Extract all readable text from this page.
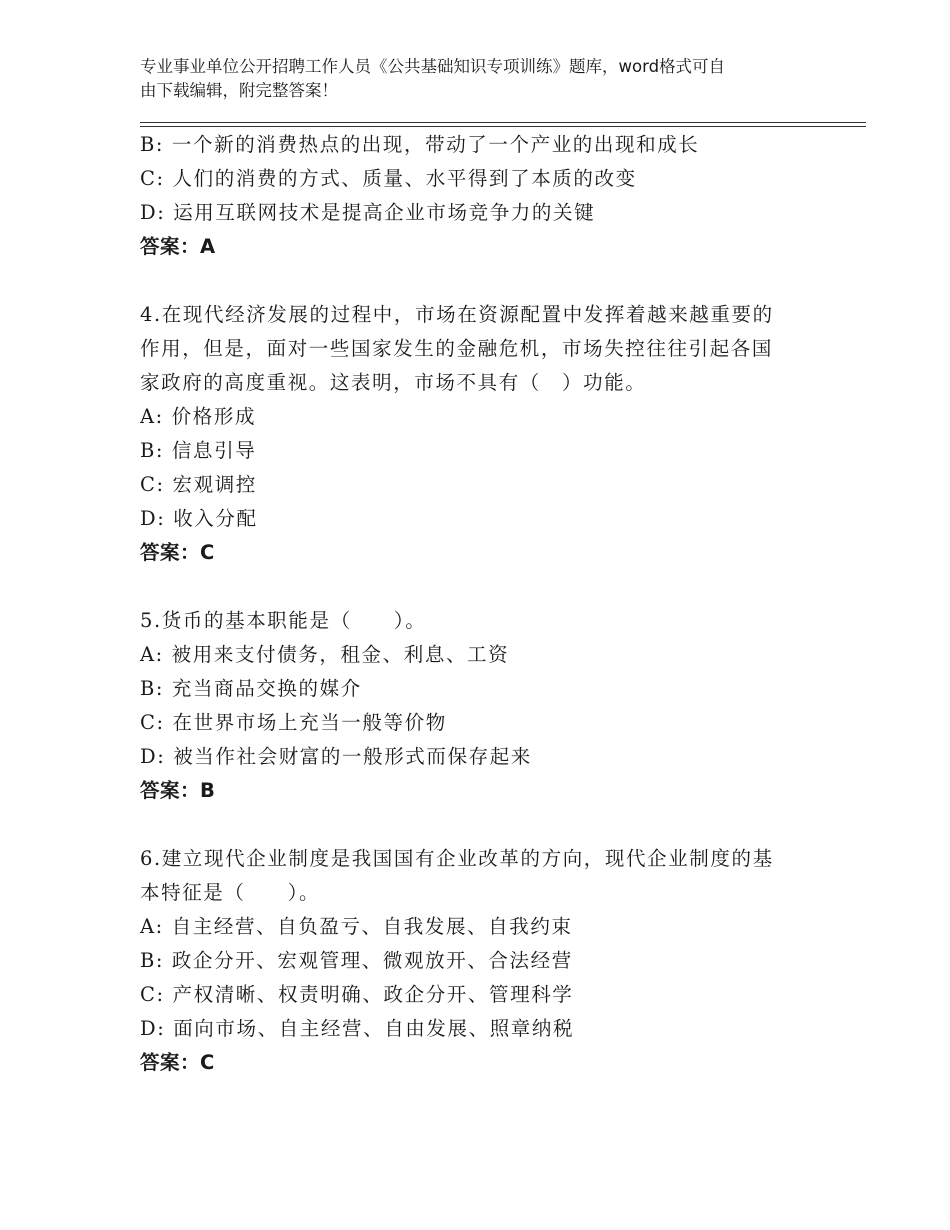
专业事业单位公开招聘工作人员《公共基础知识专项训练》题库，word格式可自
由下载编辑，附完整答案！
B: 一个新的消费热点的出现，带动了一个产业的出现和成长
C: 人们的消费的方式、质量、水平得到了本质的改变
D: 运用互联网技术是提高企业市场竞争力的关键
答案：A
4.在现代经济发展的过程中，市场在资源配置中发挥着越来越重要的
作用，但是，面对一些国家发生的金融危机，市场失控往往引起各国
家政府的高度重视。这表明，市场不具有（　）功能。
A: 价格形成
B: 信息引导
C: 宏观调控
D: 收入分配
答案：C
5.货币的基本职能是（　　）。
A: 被用来支付债务，租金、利息、工资
B: 充当商品交换的媒介
C: 在世界市场上充当一般等价物
D: 被当作社会财富的一般形式而保存起来
答案：B
6.建立现代企业制度是我国国有企业改革的方向，现代企业制度的基
本特征是（　　）。
A: 自主经营、自负盈亏、自我发展、自我约束
B: 政企分开、宏观管理、微观放开、合法经营
C: 产权清晰、权责明确、政企分开、管理科学
D: 面向市场、自主经营、自由发展、照章纳税
答案：C
